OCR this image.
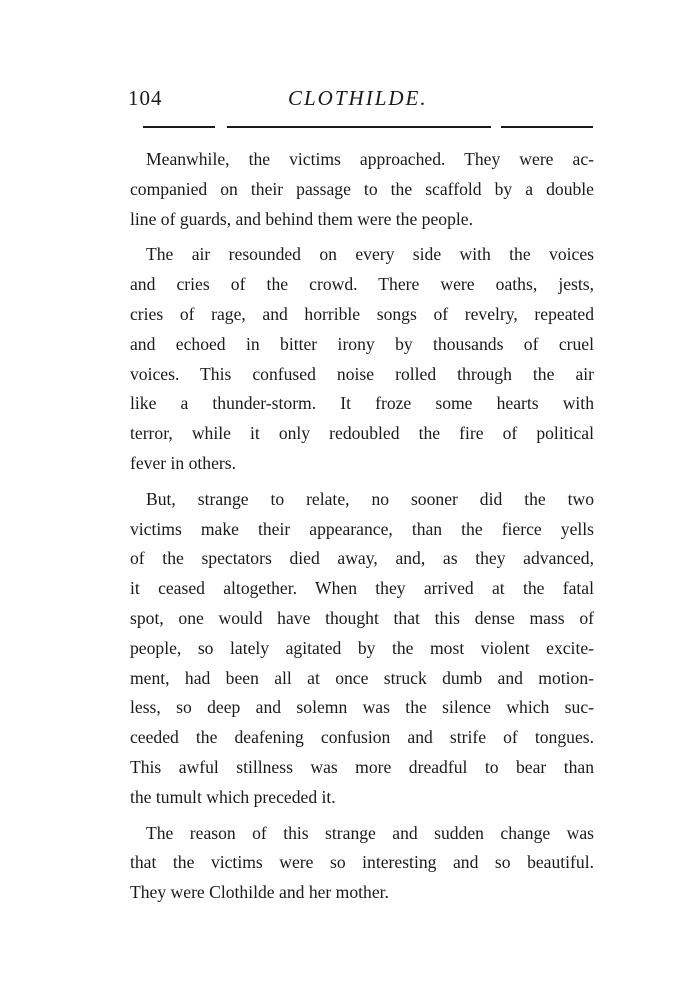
104	CLOTHILDE.

Meanwhile, the victims approached. They were ac-
companied on their passage to the scaffold by a double
line of guards, and behind them were the people.

The air resounded on every side with the voices
and cries of the crowd. There were oaths, jests,
cries of rage, and horrible songs of revelry, repeated
and echoed in bitter irony by thousands of cruel
voices. This confused noise rolled through the air
like a thunder-storm. It froze some hearts with
terror, while it only redoubled the fire of political
fever in others.

But, strange to relate, no sooner did the two
victims make their appearance, than the fierce yells
of the spectators died away, and, as they advanced,
it ceased altogether. When they arrived at the fatal
spot, one would have thought that this dense mass of
people, so lately agitated by the most violent excite-
ment, had been all at once struck dumb and motion-
less, so deep and solemn was the silence which suc-
ceeded the deafening confusion and strife of tongues.
This awful stillness was more dreadful to bear than
the tumult which preceded it.

The reason of this strange and sudden change was
that the victims were so interesting and so beautiful.
They were Clothilde and her mother.
